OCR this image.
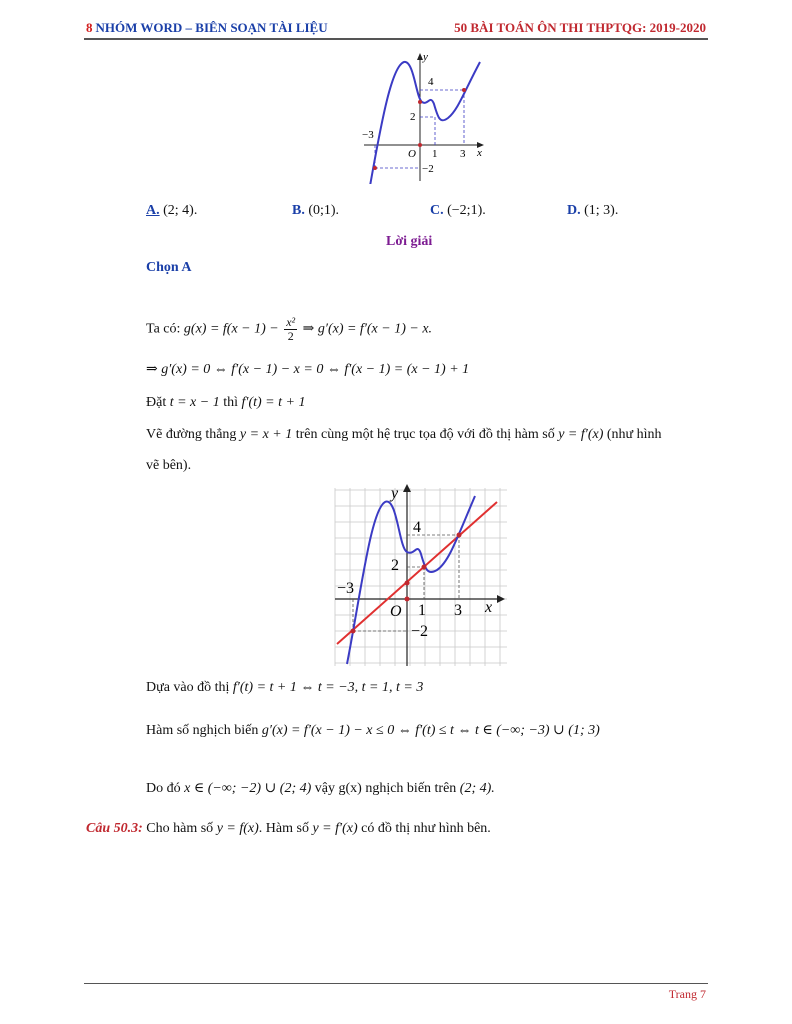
8 NHÓM WORD – BIÊN SOẠN TÀI LIỆU	50 BÀI TOÁN ÔN THI THPTQG: 2019-2020
y
x
O
4
2
−3
1 3
−2
A. (2; 4).	B. (0;1).	C. (−2;1).	D. (1; 3).
Lời giải
Chọn A
Ta có: $g(x) = f(x - 1) - \frac{\text{x²}}{2}$ ⇒ g′(x) = f′(x − 1) − x.
⇒ g′(x) = 0 ⇔ f′(x − 1) − x = 0 ⇔ f′(x − 1) = (x − 1) + 1
Đặt t = x − 1 thì f′(t) = t + 1
Vẽ đường thẳng y = x + 1 trên cùng một hệ trục tọa độ với đồ thị hàm số y = f′(x) (như hình
vẽ bên).
y
x
O
4
2
−3
1 3
−2
Dựa vào đồ thị f′(t) = t + 1 ⇔ t = −3, t = 1, t = 3
Hàm số nghịch biến g′(x) = f′(x − 1) − x ≤ 0 ⇔ f′(t) ≤ t ⇔ t ∈ (−∞; −3) ∪ (1; 3)
Do đó x ∈ (−∞; −2) ∪ (2; 4) vậy g(x) nghịch biến trên (2; 4).
Câu 50.3: Cho hàm số y = f(x). Hàm số y = f′(x) có đồ thị như hình bên.
Trang 7
